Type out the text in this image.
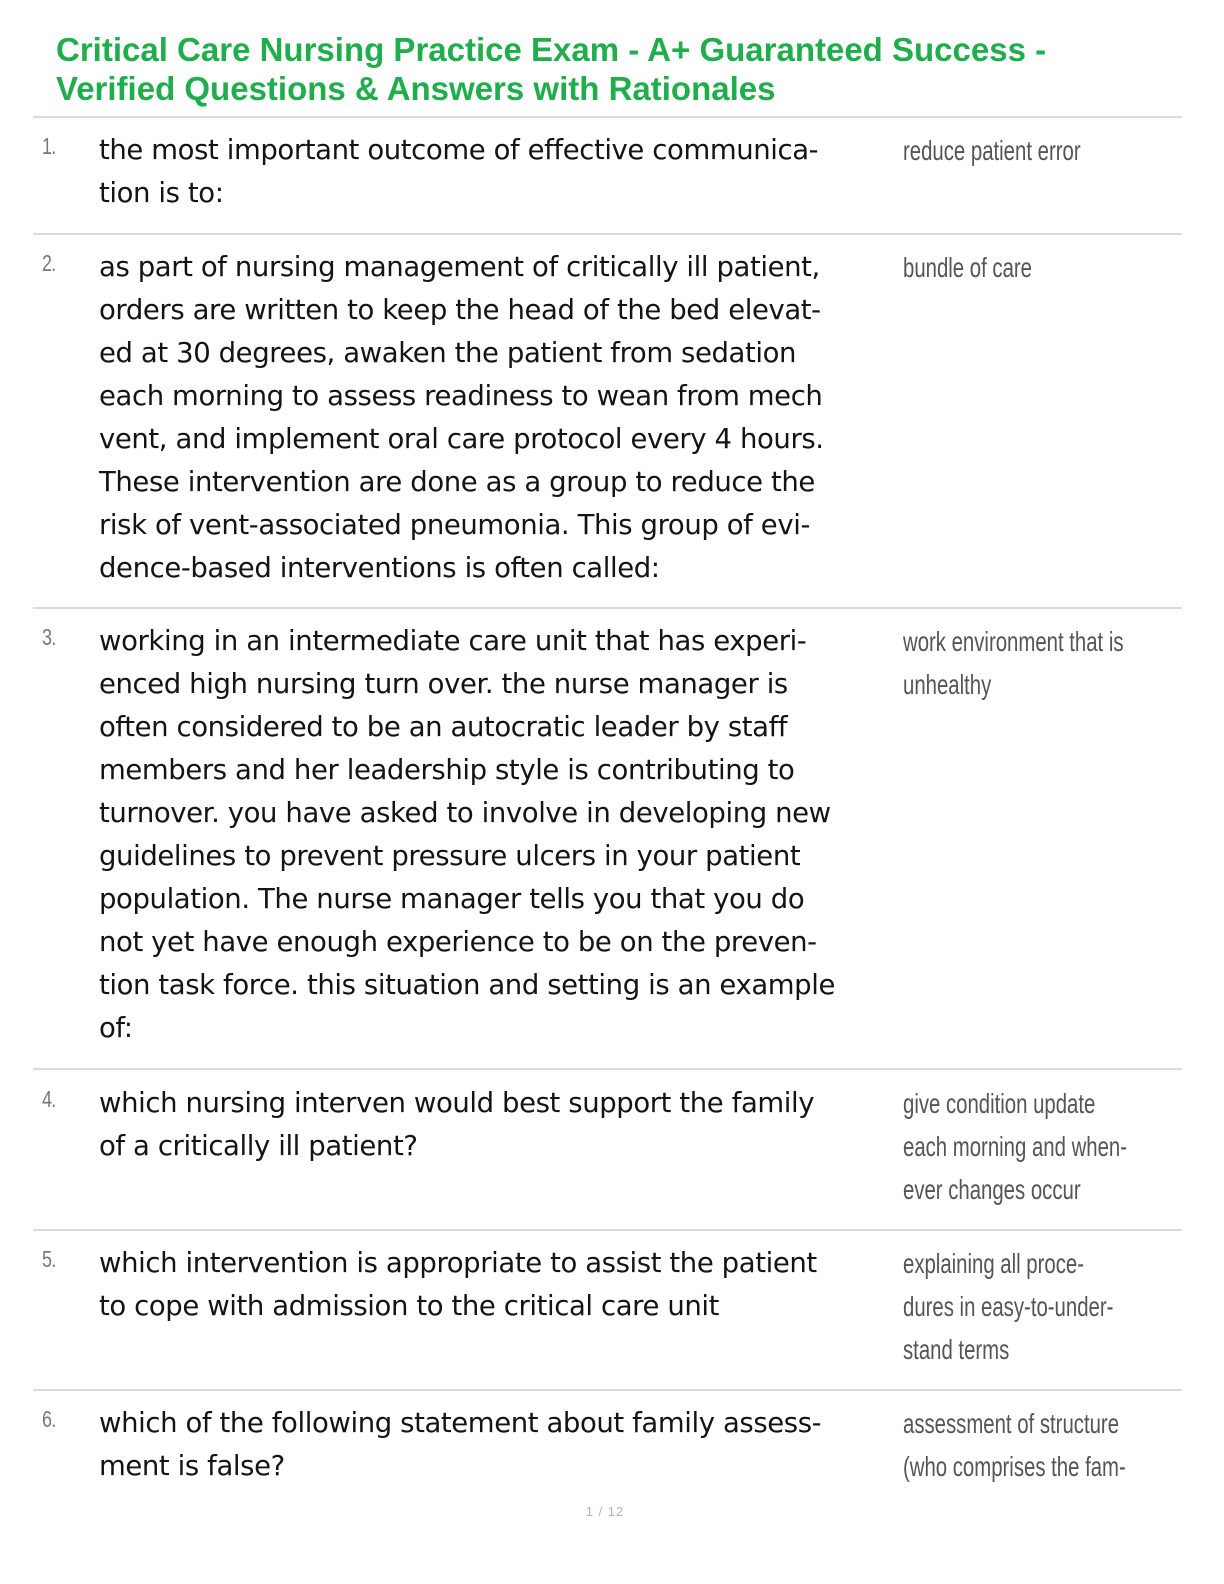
Critical Care Nursing Practice Exam - A+ Guaranteed Success -
Verified Questions & Answers with Rationales
1. the most important outcome of effective communica-
tion is to:
reduce patient error
2. as part of nursing management of critically ill patient,
orders are written to keep the head of the bed elevat-
ed at 30 degrees, awaken the patient from sedation
each morning to assess readiness to wean from mech
vent, and implement oral care protocol every 4 hours.
These intervention are done as a group to reduce the
risk of vent-associated pneumonia. This group of evi-
dence-based interventions is often called:
bundle of care
3. working in an intermediate care unit that has experi-
enced high nursing turn over. the nurse manager is
often considered to be an autocratic leader by staff
members and her leadership style is contributing to
turnover. you have asked to involve in developing new
guidelines to prevent pressure ulcers in your patient
population. The nurse manager tells you that you do
not yet have enough experience to be on the preven-
tion task force. this situation and setting is an example
of:
work environment that is
unhealthy
4. which nursing interven would best support the family
of a critically ill patient?
give condition update
each morning and when-
ever changes occur
5. which intervention is appropriate to assist the patient
to cope with admission to the critical care unit
explaining all proce-
dures in easy-to-under-
stand terms
6. which of the following statement about family assess-
ment is false?
assessment of structure
(who comprises the fam-
1 / 12
